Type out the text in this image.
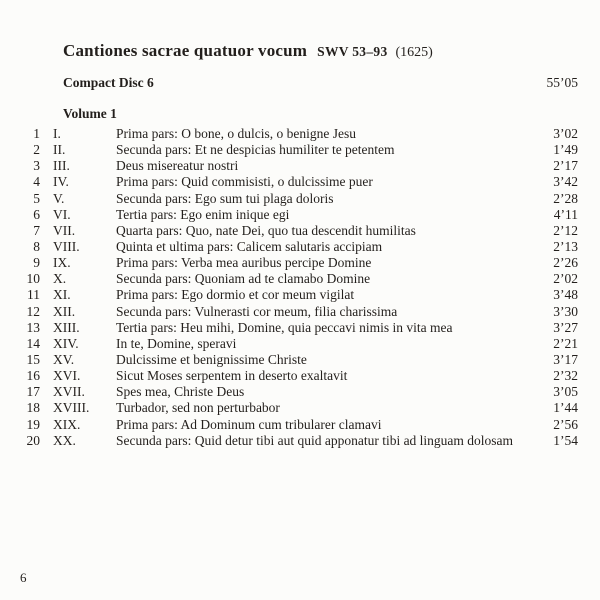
Cantiones sacrae quatuor vocum SWV 53–93 (1625)
Compact Disc 6	55’05
Volume 1
1 I.	Prima pars: O bone, o dulcis, o benigne Jesu	3’02
2 II.	Secunda pars: Et ne despicias humiliter te petentem	1’49
3 III.	Deus misereatur nostri	2’17
4 IV.	Prima pars: Quid commisisti, o dulcissime puer	3’42
5 V.	Secunda pars: Ego sum tui plaga doloris	2’28
6 VI.	Tertia pars: Ego enim inique egi	4’11
7 VII.	Quarta pars: Quo, nate Dei, quo tua descendit humilitas	2’12
8 VIII.	Quinta et ultima pars: Calicem salutaris accipiam	2’13
9 IX.	Prima pars: Verba mea auribus percipe Domine	2’26
10 X.	Secunda pars: Quoniam ad te clamabo Domine	2’02
11 XI.	Prima pars: Ego dormio et cor meum vigilat	3’48
12 XII.	Secunda pars: Vulnerasti cor meum, filia charissima	3’30
13 XIII.	Tertia pars: Heu mihi, Domine, quia peccavi nimis in vita mea	3’27
14 XIV.	In te, Domine, speravi	2’21
15 XV.	Dulcissime et benignissime Christe	3’17
16 XVI.	Sicut Moses serpentem in deserto exaltavit	2’32
17 XVII.	Spes mea, Christe Deus	3’05
18 XVIII.	Turbador, sed non perturbabor	1’44
19 XIX.	Prima pars: Ad Dominum cum tribularer clamavi	2’56
20 XX.	Secunda pars: Quid detur tibi aut quid apponatur tibi ad linguam dolosam	1’54
6
